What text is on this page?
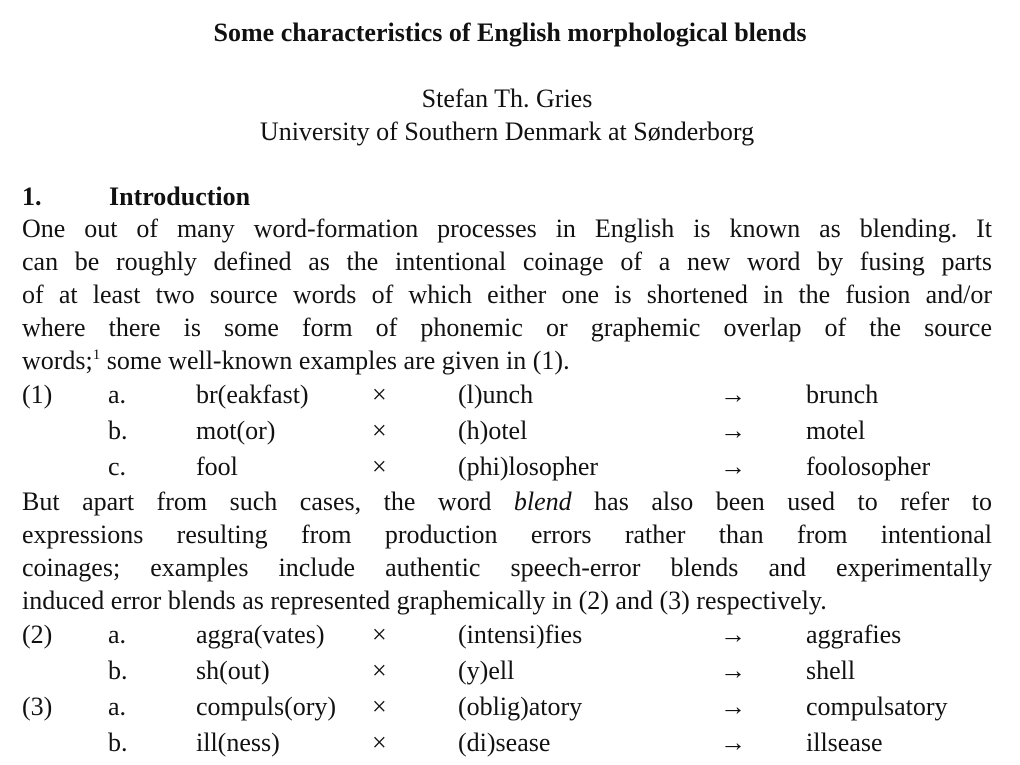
Some characteristics of English morphological blends
Stefan Th. Gries
University of Southern Denmark at Sønderborg
1.	Introduction
One out of many word-formation processes in English is known as blending. It
can be roughly defined as the intentional coinage of a new word by fusing parts
of at least two source words of which either one is shortened in the fusion and/or
where there is some form of phonemic or graphemic overlap of the source
words;$^1$ some well-known examples are given in (1).
(1) a.	br(eakfast) ×	(l)unch	→ brunch
b.	mot(or)	×	(h)otel	→ motel
c.	fool	×	(phi)losopher	→ foolosopher
But apart from such cases, the word blend has also been used to refer to
expressions resulting from production errors rather than from intentional
coinages; examples include authentic speech-error blends and experimentally
induced error blends as represented graphemically in (2) and (3) respectively.
(2) a.	aggra(vates) ×	(intensi)fies	→ aggrafies
b.	sh(out)	×	(y)ell	→ shell
(3) a.	compuls(ory) ×	(oblig)atory	→ compulsatory
b.	ill(ness)	×	(di)sease	→ illsease
